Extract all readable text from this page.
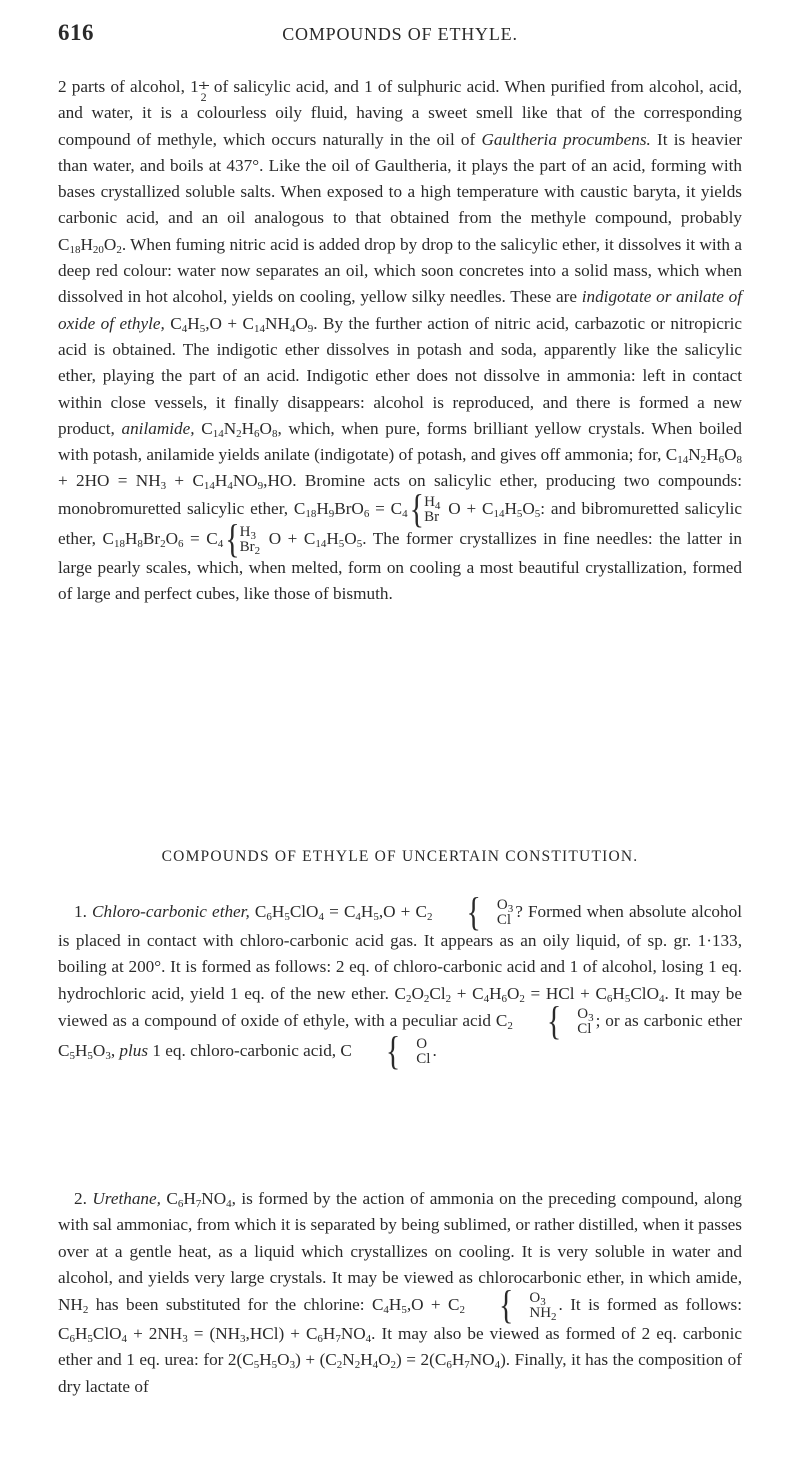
616	COMPOUNDS OF ETHYLE.

2 parts of alcohol, 1 1
2
of salicylic acid, and 1 of sulphuric acid. When purified from alcohol, acid, and water, it is a colourless oily fluid, having a sweet smell like that of the corresponding compound of methyle, which occurs naturally in the oil of Gaultheria procumbens. It is heavier than water, and boils at 437°. Like the oil of Gaultheria, it plays the part of an acid, forming with bases crystallized soluble salts. When exposed to a high temperature with caustic baryta, it yields carbonic acid, and an oil analogous to that obtained from the methyle compound, probably $C_{18}H_{20}O_2$. When fuming nitric acid is added drop by drop to the salicylic ether, it dissolves it with a deep red colour: water now separates an oil, which soon concretes into a solid mass, which when dissolved in hot alcohol, yields on cooling, yellow silky needles. These are indigotate or anilate of oxide of ethyle, $C_4H_5,O + C_{14}NH_4O_9$. By the further action of nitric acid, carbazotic or nitropicric acid is obtained. The indigotic ether dissolves in potash and soda, apparently like the salicylic ether, playing the part of an acid. Indigotic ether does not dissolve in ammonia: left in contact within close vessels, it finally disappears: alcohol is reproduced, and there is formed a new product, anilamide, $C_{14}N_2H_6O_8$, which, when pure, forms brilliant yellow crystals. When boiled with potash, anilamide yields anilate (indigotate) of potash, and gives off ammonia; for, $C_{14}N_2H_6O_8 + 2HO = NH_3 + C_{14}H_4NO_9,HO$. Bromine acts on salicylic ether, producing two compounds: monobromuretted salicylic ether, $C_{18}H_9BrO_6 = C_4${ $H_4$
Br $O + C_{14}H_5O_5$: and bibromuretted salicylic ether, $C_{18}H_8Br_2O_6 = C_4${ $H_3$
$Br_2$
$O + C_{14}H_5O_5$. The former crystallizes in fine needles: the latter in large pearly scales, which, when melted, form on cooling a most beautiful crystallization, formed of large and perfect cubes, like those of bismuth.

COMPOUNDS OF ETHYLE OF UNCERTAIN CONSTITUTION.

1. Chloro-carbonic ether, $C_6H_5ClO_4 = C_4H_5,O + C_2$ {	$O_3$
Cl ? Formed when absolute alcohol is placed in contact with chloro-carbonic acid gas. It appears as an oily liquid, of sp. gr. 1·133, boiling at 200°. It is formed as follows: 2 eq. of chloro-carbonic acid and 1 of alcohol, losing 1 eq. hydrochloric acid, yield 1 eq. of the new ether. $C_2O_2Cl_2 + C_4H_6O_2$ = HCl + $C_6H_5ClO_4$. It may be viewed as a compound of oxide of ethyle, with a peculiar acid $C_2$ {	$O_3$
Cl ; or as carbonic ether $C_5H_5O_3$, plus 1 eq. chloro-carbonic acid, C {	O
Cl .

2. Urethane, $C_6H_7NO_4$, is formed by the action of ammonia on the preceding compound, along with sal ammoniac, from which it is separated by being sublimed, or rather distilled, when it passes over at a gentle heat, as a liquid which crystallizes on cooling. It is very soluble in water and alcohol, and yields very large crystals. It may be viewed as chlorocarbonic ether, in which amide, $NH_2$ has been substituted for the chlorine: $C_4H_5,O + C_2$ {	$O_3$
$NH_2$
. It is formed as follows: $C_6H_5ClO_4 + 2NH_3 = (NH_3,HCl) + C_6H_7NO_4$. It may also be viewed as formed of 2 eq. carbonic ether and 1 eq. urea: for $2(C_5H_5O_3) + (C_2N_2H_4O_2) = 2(C_6H_7NO_4)$. Finally, it has the composition of dry lactate of
